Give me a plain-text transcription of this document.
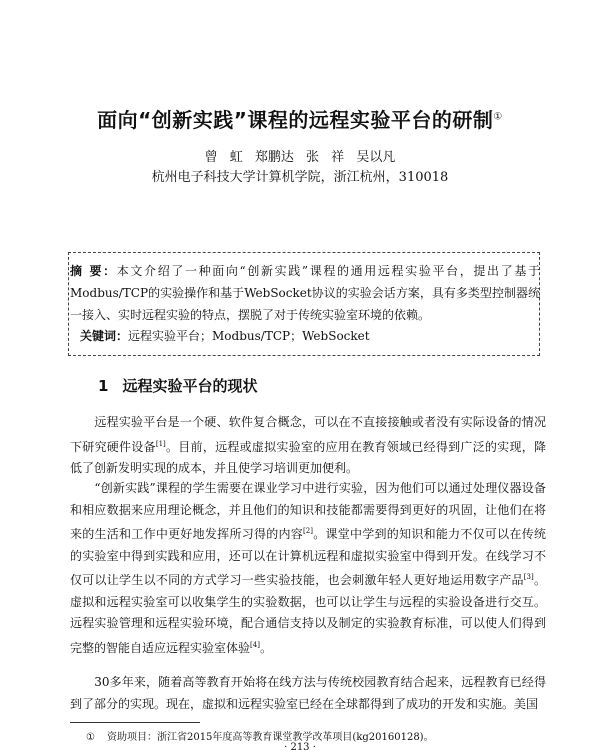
面向“创新实践”课程的远程实验平台的研制①
曾 虹 郑鹏达 张 祥 吴以凡
杭州电子科技大学计算机学院，浙江杭州，310018
摘 要：本文介绍了一种面向“创新实践”课程的通用远程实验平台，提出了基于Modbus/TCP的实验操作和基于WebSocket协议的实验会话方案，具有多类型控制器统一接入、实时远程实验的特点，摆脱了对于传统实验室环境的依赖。
关键词：远程实验平台；Modbus/TCP；WebSocket
1 远程实验平台的现状
　　远程实验平台是一个硬、软件复合概念，可以在不直接接触或者没有实际设备的情况下研究硬件设备[1]。目前，远程或虚拟实验室的应用在教育领域已经得到广泛的实现，降低了创新发明实现的成本，并且使学习培训更加便利。
　　“创新实践”课程的学生需要在课业学习中进行实验，因为他们可以通过处理仪器设备和相应数据来应用理论概念，并且他们的知识和技能都需要得到更好的巩固，让他们在将来的生活和工作中更好地发挥所习得的内容[2]。课堂中学到的知识和能力不仅可以在传统的实验室中得到实践和应用，还可以在计算机远程和虚拟实验室中得到开发。在线学习不仅可以让学生以不同的方式学习一些实验技能，也会刺激年轻人更好地运用数字产品[3]。虚拟和远程实验室可以收集学生的实验数据，也可以让学生与远程的实验设备进行交互。远程实验管理和远程实验环境，配合通信支持以及制定的实验教育标准，可以使人们得到完整的智能自适应远程实验室体验[4]。
　　30多年来，随着高等教育开始将在线方法与传统校园教育结合起来，远程教育已经得到了部分的实现。现在，虚拟和远程实验室已经在全球都得到了成功的开发和实施。美国
① 资助项目：浙江省2015年度高等教育课堂教学改革项目(kg20160128)。
· 213 ·
